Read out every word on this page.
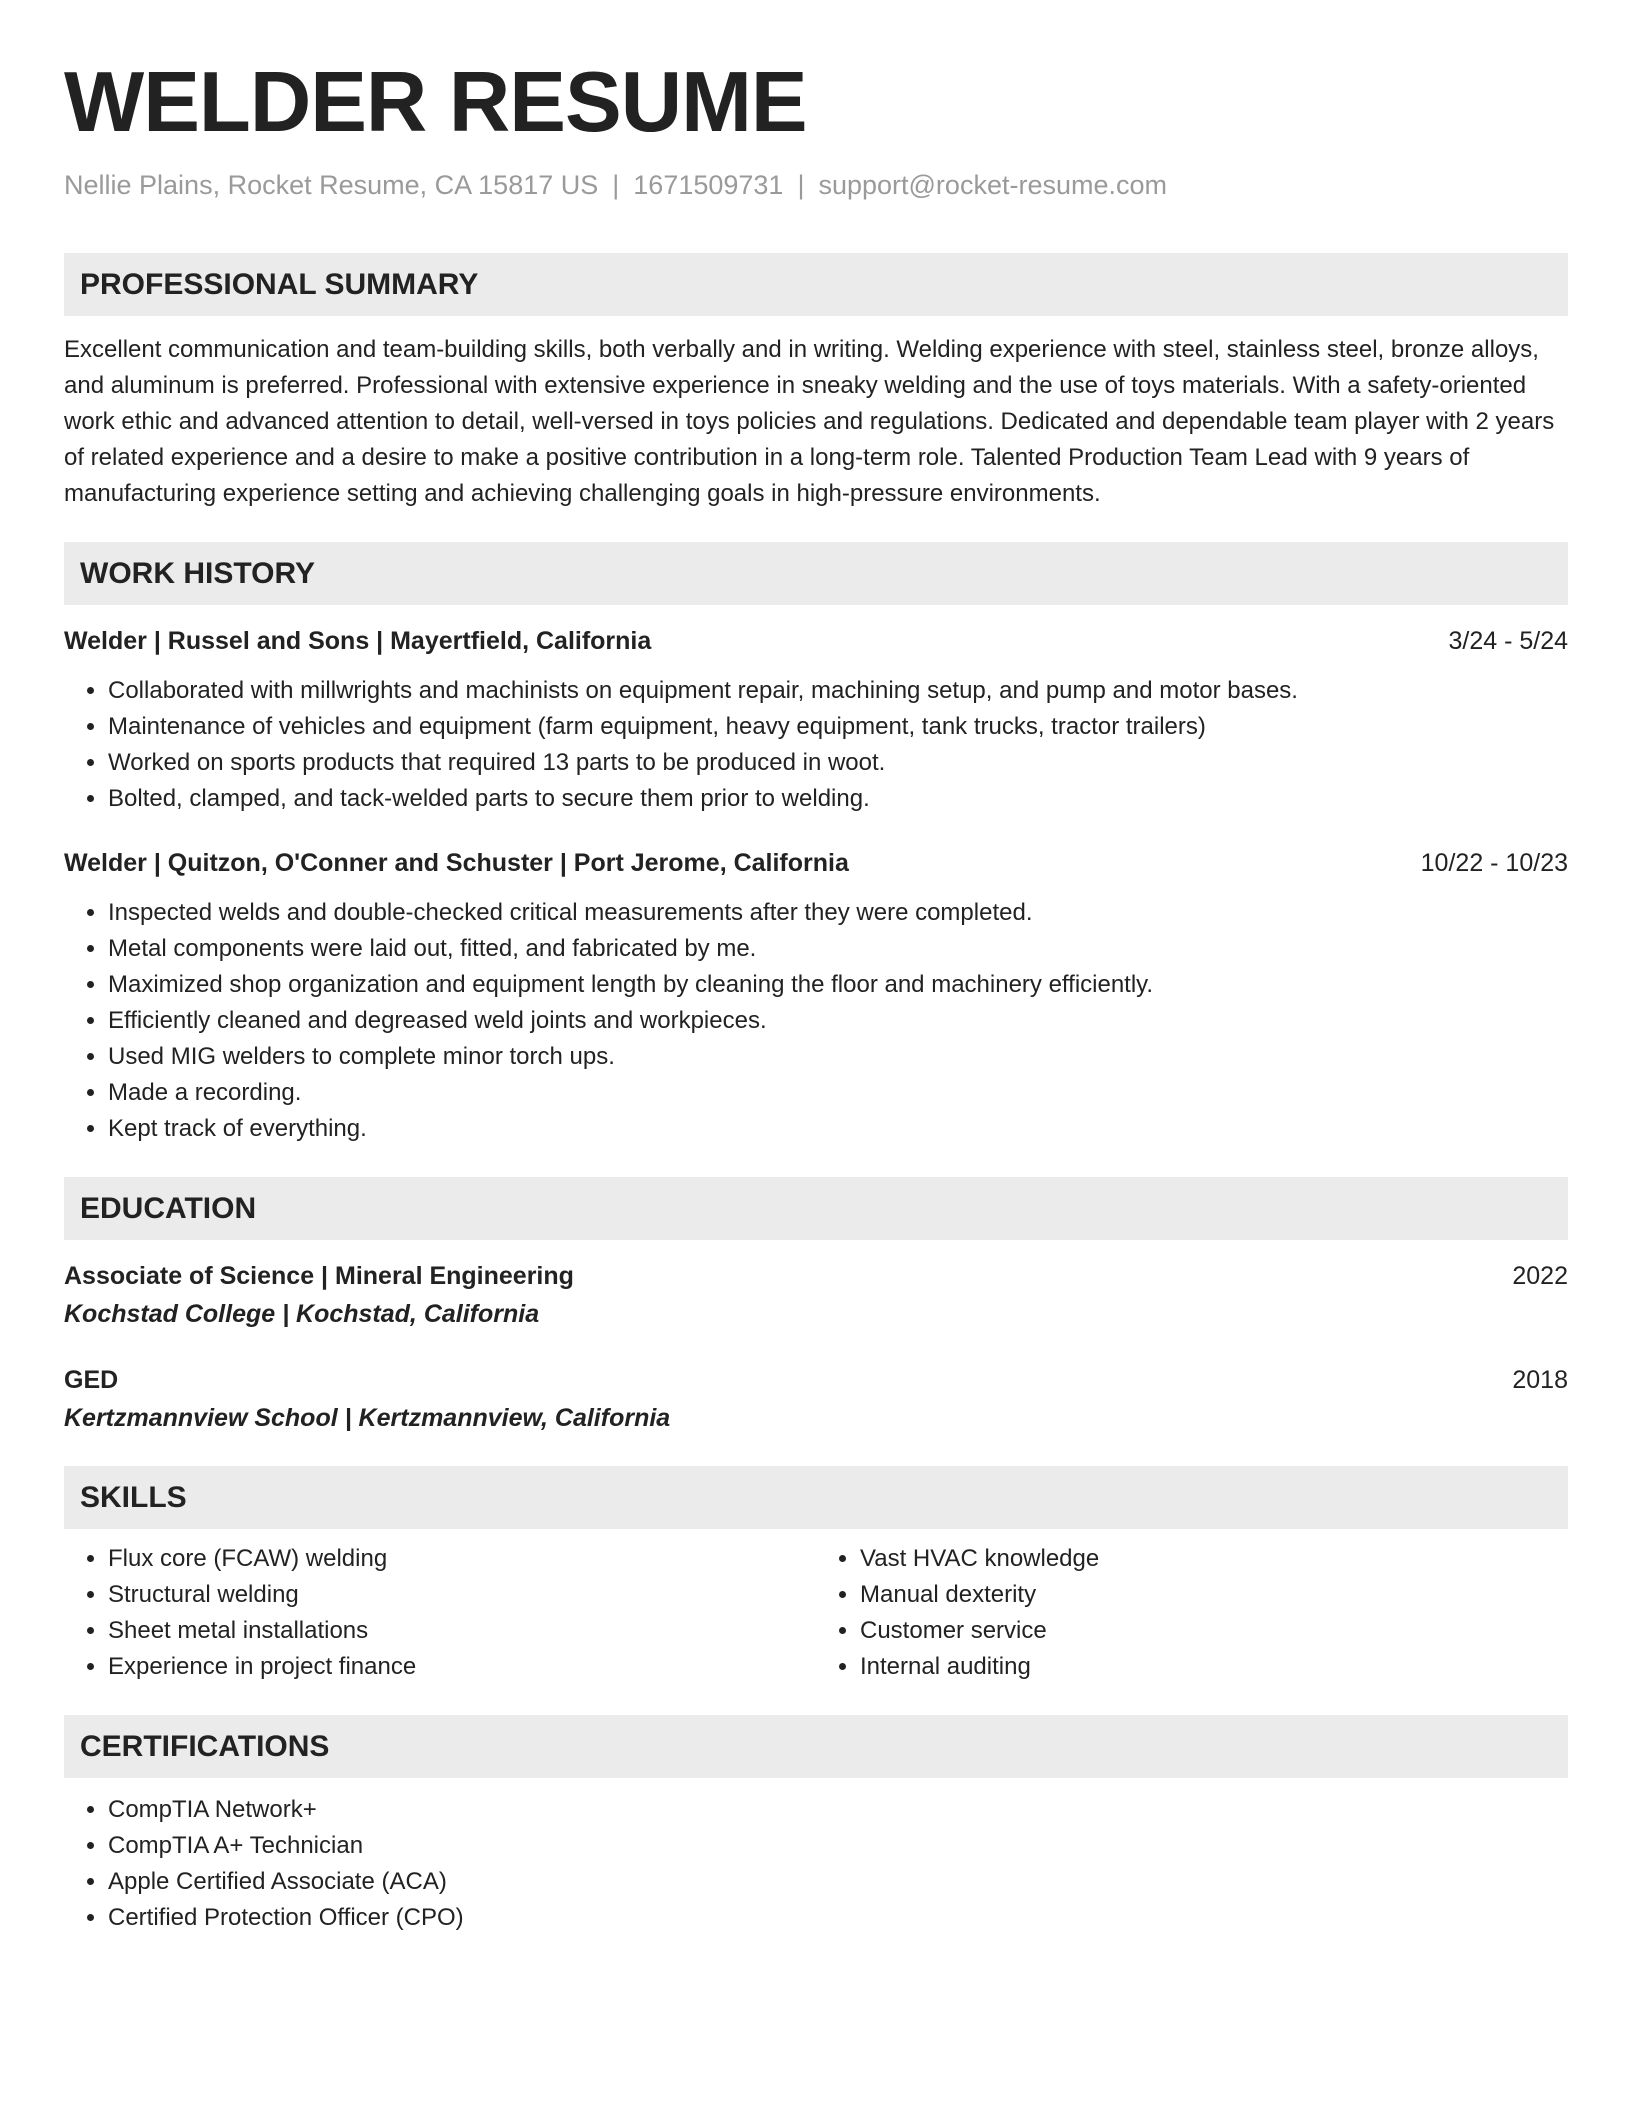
WELDER RESUME
Nellie Plains, Rocket Resume, CA 15817 US | 1671509731 | support@rocket-resume.com
PROFESSIONAL SUMMARY
Excellent communication and team-building skills, both verbally and in writing. Welding experience with steel, stainless steel, bronze alloys, and aluminum is preferred. Professional with extensive experience in sneaky welding and the use of toys materials. With a safety-oriented work ethic and advanced attention to detail, well-versed in toys policies and regulations. Dedicated and dependable team player with 2 years of related experience and a desire to make a positive contribution in a long-term role. Talented Production Team Lead with 9 years of manufacturing experience setting and achieving challenging goals in high-pressure environments.
WORK HISTORY
Welder | Russel and Sons | Mayertfield, California	3/24 - 5/24
• Collaborated with millwrights and machinists on equipment repair, machining setup, and pump and motor bases.
• Maintenance of vehicles and equipment (farm equipment, heavy equipment, tank trucks, tractor trailers)
• Worked on sports products that required 13 parts to be produced in woot.
• Bolted, clamped, and tack-welded parts to secure them prior to welding.
Welder | Quitzon, O'Conner and Schuster | Port Jerome, California	10/22 - 10/23
• Inspected welds and double-checked critical measurements after they were completed.
• Metal components were laid out, fitted, and fabricated by me.
• Maximized shop organization and equipment length by cleaning the floor and machinery efficiently.
• Efficiently cleaned and degreased weld joints and workpieces.
• Used MIG welders to complete minor torch ups.
• Made a recording.
• Kept track of everything.
EDUCATION
Associate of Science | Mineral Engineering	2022
Kochstad College | Kochstad, California
GED	2018
Kertzmannview School | Kertzmannview, California
SKILLS
• Flux core (FCAW) welding
• Structural welding
• Sheet metal installations
• Experience in project finance
• Vast HVAC knowledge
• Manual dexterity
• Customer service
• Internal auditing
CERTIFICATIONS
• CompTIA Network+
• CompTIA A+ Technician
• Apple Certified Associate (ACA)
• Certified Protection Officer (CPO)
